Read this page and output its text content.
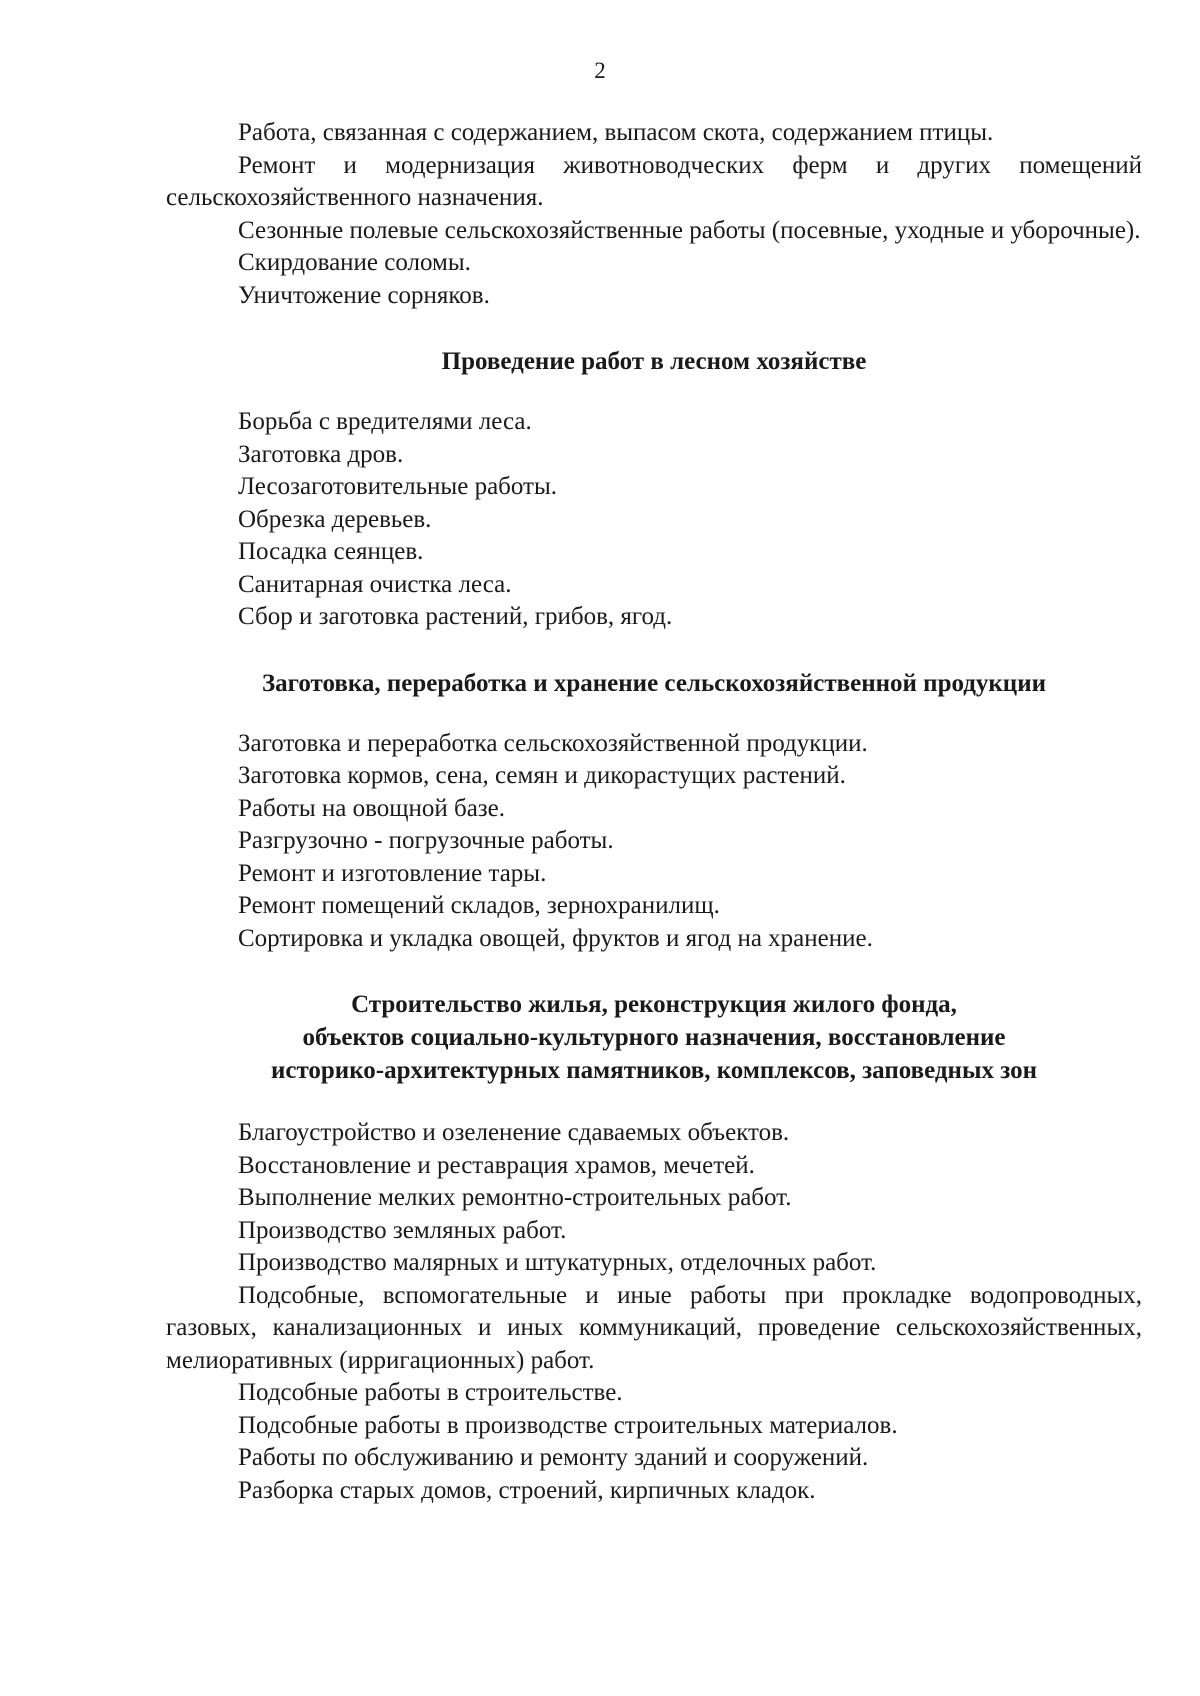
2

Работа, связанная с содержанием, выпасом скота, содержанием птицы.

Ремонт и модернизация животноводческих ферм и других помещений сельскохозяйственного назначения.

Сезонные полевые сельскохозяйственные работы (посевные, уходные и уборочные).

Скирдование соломы.

Уничтожение сорняков.

Проведение работ в лесном хозяйстве

Борьба с вредителями леса.

Заготовка дров.

Лесозаготовительные работы.

Обрезка деревьев.

Посадка сеянцев.

Санитарная очистка леса.

Сбор и заготовка растений, грибов, ягод.

Заготовка, переработка и хранение сельскохозяйственной продукции

Заготовка и переработка сельскохозяйственной продукции.

Заготовка кормов, сена, семян и дикорастущих растений.

Работы на овощной базе.

Разгрузочно - погрузочные работы.

Ремонт и изготовление тары.

Ремонт помещений складов, зернохранилищ.

Сортировка и укладка овощей, фруктов и ягод на хранение.

Строительство жилья, реконструкция жилого фонда,
объектов социально-культурного назначения, восстановление
историко-архитектурных памятников, комплексов, заповедных зон

Благоустройство и озеленение сдаваемых объектов.

Восстановление и реставрация храмов, мечетей.

Выполнение мелких ремонтно-строительных работ.

Производство земляных работ.

Производство малярных и штукатурных, отделочных работ.

Подсобные, вспомогательные и иные работы при прокладке водопроводных, газовых, канализационных и иных коммуникаций, проведение сельскохозяйственных, мелиоративных (ирригационных) работ.

Подсобные работы в строительстве.

Подсобные работы в производстве строительных материалов.

Работы по обслуживанию и ремонту зданий и сооружений.

Разборка старых домов, строений, кирпичных кладок.
